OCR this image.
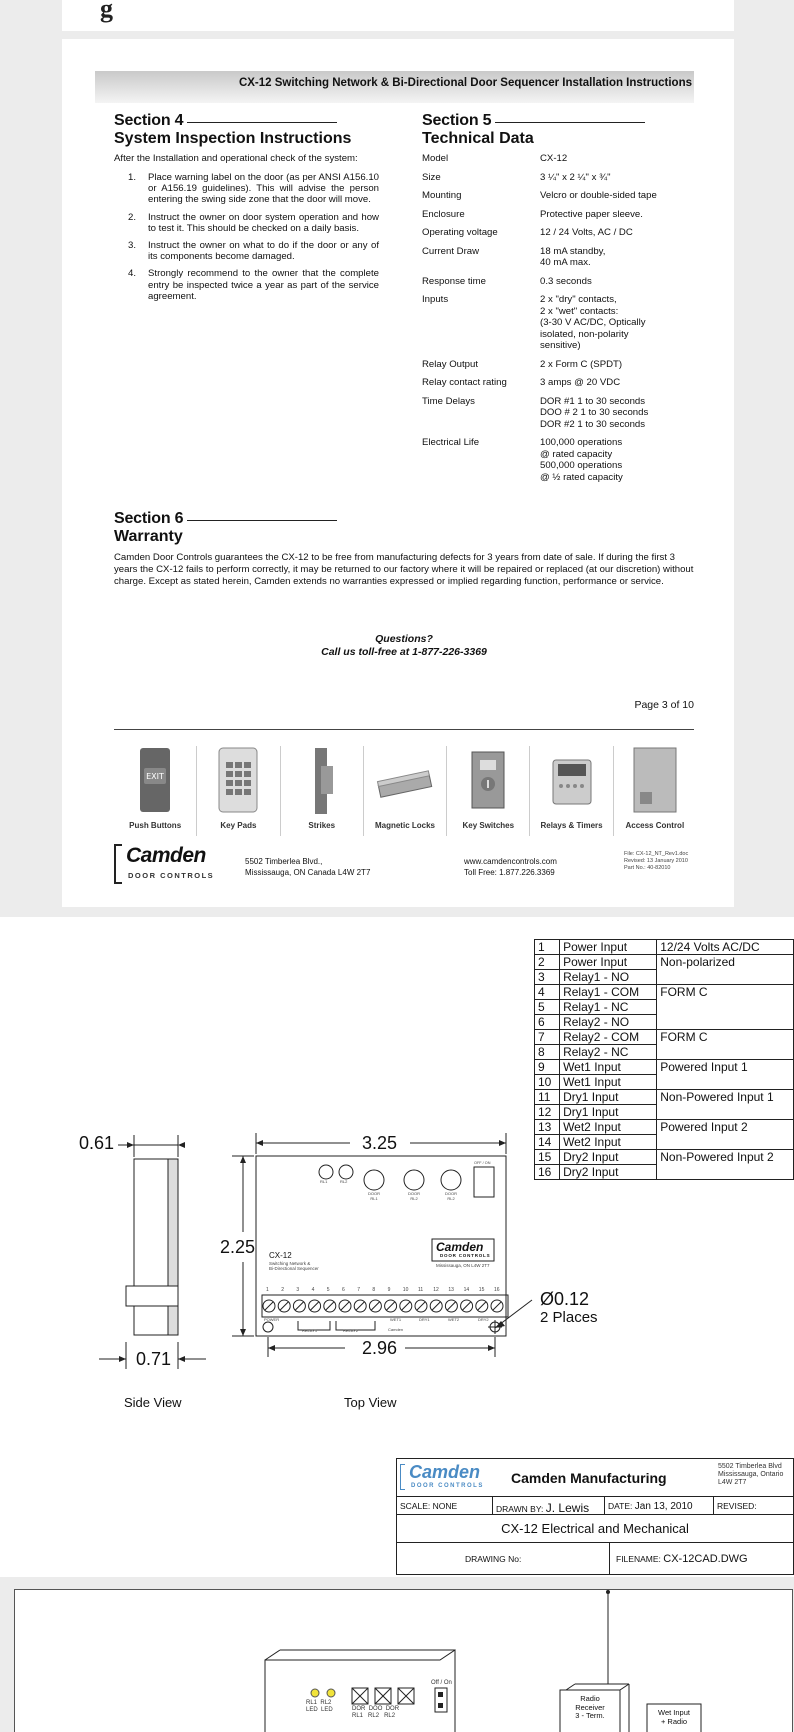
g
CX-12 Switching Network & Bi-Directional Door Sequencer Installation Instructions
Section 4
System Inspection Instructions

After the Installation and operational check of the system:

1.	Place warning label on the door (as per ANSI A156.10 or A156.19 guidelines). This will advise the person entering the swing side zone that the door will move.
2.	Instruct the owner on door system operation and how to test it. This should be checked on a daily basis.
3.	Instruct the owner on what to do if the door or any of its components become damaged.
4.	Strongly recommend to the owner that the complete entry be inspected twice a year as part of the service agreement.
Section 5
Technical Data
Model	CX-12
Size	3 ¼" x 2 ¼" x ¾"
Mounting	Velcro or double-sided tape
Enclosure	Protective paper sleeve.
Operating voltage	12 / 24 Volts, AC / DC
Current Draw	18 mA standby,
40 mA max.
Response time	0.3 seconds
Inputs	2 x "dry" contacts,
2 x "wet" contacts:
(3-30 V AC/DC, Optically
isolated, non-polarity
sensitive)
Relay Output	2 x Form C (SPDT)
Relay contact rating	3 amps @ 20 VDC
Time Delays	DOR #1 1 to 30 seconds
DOO # 2 1 to 30 seconds
DOR #2 1 to 30 seconds
Electrical Life	100,000 operations
@ rated capacity
500,000 operations
@ ½ rated capacity
Section 6
Warranty

Camden Door Controls guarantees the CX-12 to be free from manufacturing defects for 3 years from date of sale. If during the first 3 years the CX-12 fails to perform correctly, it may be returned to our factory where it will be repaired or replaced (at our discretion) without charge. Except as stated herein, Camden extends no warranties expressed or implied regarding function, performance or service.

Questions?
Call us toll-free at 1-877-226-3369
Page 3 of 10
EXIT
Push Buttons	Key Pads	Strikes	Magnetic Locks	Key Switches	Relays & Timers	Access Control
Camden
DOOR CONTROLS
5502 Timberlea Blvd.,
Mississauga, ON Canada L4W 2T7
www.camdencontrols.com
Toll Free: 1.877.226.3369
File: CX-12_NT_Rev1.doc
Revised: 13 January 2010
Part No.: 40-82010
1	Power Input	12/24 Volts AC/DC
2	Power Input	Non-polarized
3	Relay1 - NO	
4	Relay1 - COM	FORM C
5	Relay1 - NC	
6	Relay2 - NO	
7	Relay2 - COM	FORM C
8	Relay2 - NC	
9	Wet1 Input	Powered Input 1
10	Wet1 Input	
11	Dry1 Input	Non-Powered Input 1
12	Dry1 Input	
13	Wet2 Input	Powered Input 2
14	Wet2 Input	
15	Dry2 Input	Non-Powered Input 2
16	Dry2 Input	
0.61
0.71
3.25
2.25
2.96
Ø0.12
2 Places
CX-12
Switching Network &
Bi-Directional Sequencer
Camden
DOOR CONTROLS
Mississauga, ON L4W 2T7
RL1	RL2
DOOR
RL1
DOOR
RL2
DOOR
RL2
OFF / ON
1 2 3 4 5 6 7 8 9 10 11 12 13 14 15 16
POWER
RELAY1	RELAY2
WET1	DRY1	WET2	DRY2
Camden
Side View	Top View
Camden
DOOR CONTROLS	Camden Manufacturing
5502 Timberlea Blvd
Mississauga, Ontario
L4W 2T7
SCALE: NONE	DRAWN BY: J. Lewis	DATE: Jan 13, 2010	REVISED:
CX-12 Electrical and Mechanical
DRAWING No:	FILENAME: CX-12CAD.DWG
RL1 RL2
LED LED	DOR DOO DOR
RL1 RL2 RL2
Off / On
Radio
Receiver
3 - Term.	Wet Input
+ Radio
